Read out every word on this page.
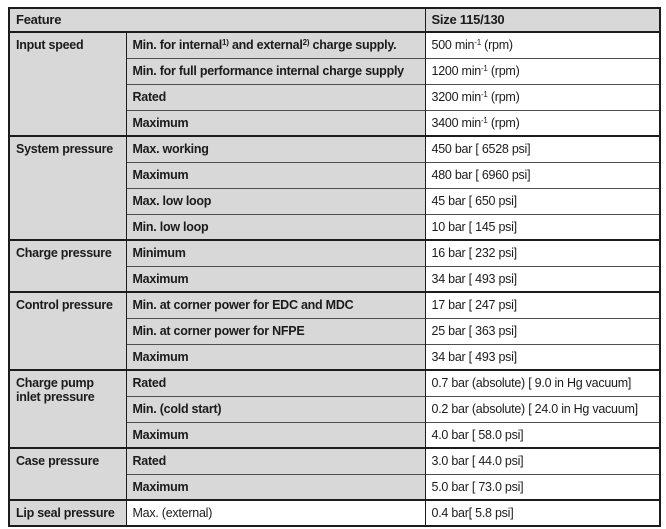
Feature		Size 115/130
Input speed	Min. for internal$^{1)}$ and external$^{2)}$ charge supply.	500 $\min^{-1} (rpm)$
	Min. for full performance internal charge supply	1200 $\min^{-1} (rpm)$
	Rated	3200 $\min^{-1} (rpm)$
	Maximum	3400 $\min^{-1} (rpm)$
System pressure	Max. working	450 bar [ 6528 psi]
	Maximum	480 bar [ 6960 psi]
	Max. low loop	45 bar [ 650 psi]
	Min. low loop	10 bar [ 145 psi]
Charge pressure	Minimum	16 bar [ 232 psi]
	Maximum	34 bar [ 493 psi]
Control pressure	Min. at corner power for EDC and MDC	17 bar [ 247 psi]
	Min. at corner power for NFPE	25 bar [ 363 psi]
	Maximum	34 bar [ 493 psi]
Charge pump inlet pressure	Rated	0.7 bar (absolute) [ 9.0 in Hg vacuum]
	Min. (cold start)	0.2 bar (absolute) [ 24.0 in Hg vacuum]
	Maximum	4.0 bar [ 58.0 psi]
Case pressure	Rated	3.0 bar [ 44.0 psi]
	Maximum	5.0 bar [ 73.0 psi]
Lip seal pressure	Max. (external)	0.4 bar[ 5.8 psi]
